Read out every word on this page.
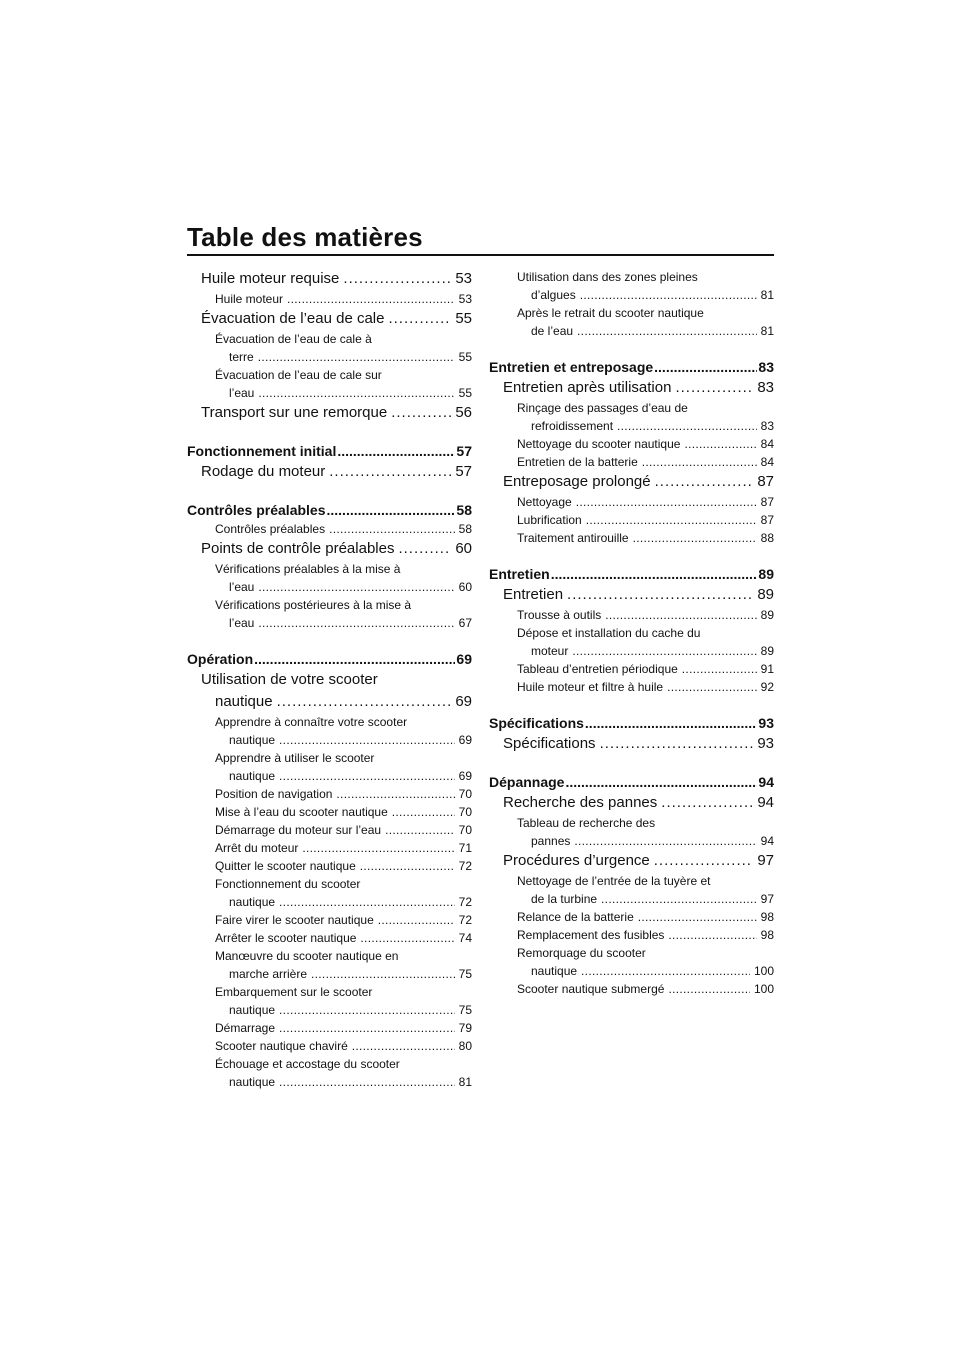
Table des matières
Huile moteur requise .....	53
Huile moteur .....	53
Évacuation de l’eau de cale .....	55
Évacuation de l’eau de cale à
terre .....	55
Évacuation de l’eau de cale sur
l’eau .....	55
Transport sur une remorque .....	56
Fonctionnement initial .....	57
Rodage du moteur .....	57
Contrôles préalables .....	58
Contrôles préalables .....	58
Points de contrôle préalables .....	60
Vérifications préalables à la mise à
l’eau .....	60
Vérifications postérieures à la mise à
l’eau .....	67
Opération .....	69
Utilisation de votre scooter
nautique .....	69
Apprendre à connaître votre scooter
nautique .....	69
Apprendre à utiliser le scooter
nautique .....	69
Position de navigation .....	70
Mise à l’eau du scooter nautique .....	70
Démarrage du moteur sur l’eau .....	70
Arrêt du moteur .....	71
Quitter le scooter nautique .....	72
Fonctionnement du scooter
nautique .....	72
Faire virer le scooter nautique .....	72
Arrêter le scooter nautique .....	74
Manœuvre du scooter nautique en
marche arrière .....	75
Embarquement sur le scooter
nautique .....	75
Démarrage .....	79
Scooter nautique chaviré .....	80
Échouage et accostage du scooter
nautique .....	81
Utilisation dans des zones pleines
d’algues .....	81
Après le retrait du scooter nautique
de l’eau .....	81
Entretien et entreposage .....	83
Entretien après utilisation .....	83
Rinçage des passages d’eau de
refroidissement .....	83
Nettoyage du scooter nautique .....	84
Entretien de la batterie .....	84
Entreposage prolongé .....	87
Nettoyage .....	87
Lubrification .....	87
Traitement antirouille .....	88
Entretien .....	89
Entretien .....	89
Trousse à outils .....	89
Dépose et installation du cache du
moteur .....	89
Tableau d’entretien périodique .....	91
Huile moteur et filtre à huile .....	92
Spécifications .....	93
Spécifications .....	93
Dépannage .....	94
Recherche des pannes .....	94
Tableau de recherche des
pannes .....	94
Procédures d’urgence .....	97
Nettoyage de l’entrée de la tuyère et
de la turbine .....	97
Relance de la batterie .....	98
Remplacement des fusibles .....	98
Remorquage du scooter
nautique .....	100
Scooter nautique submergé .....	100
